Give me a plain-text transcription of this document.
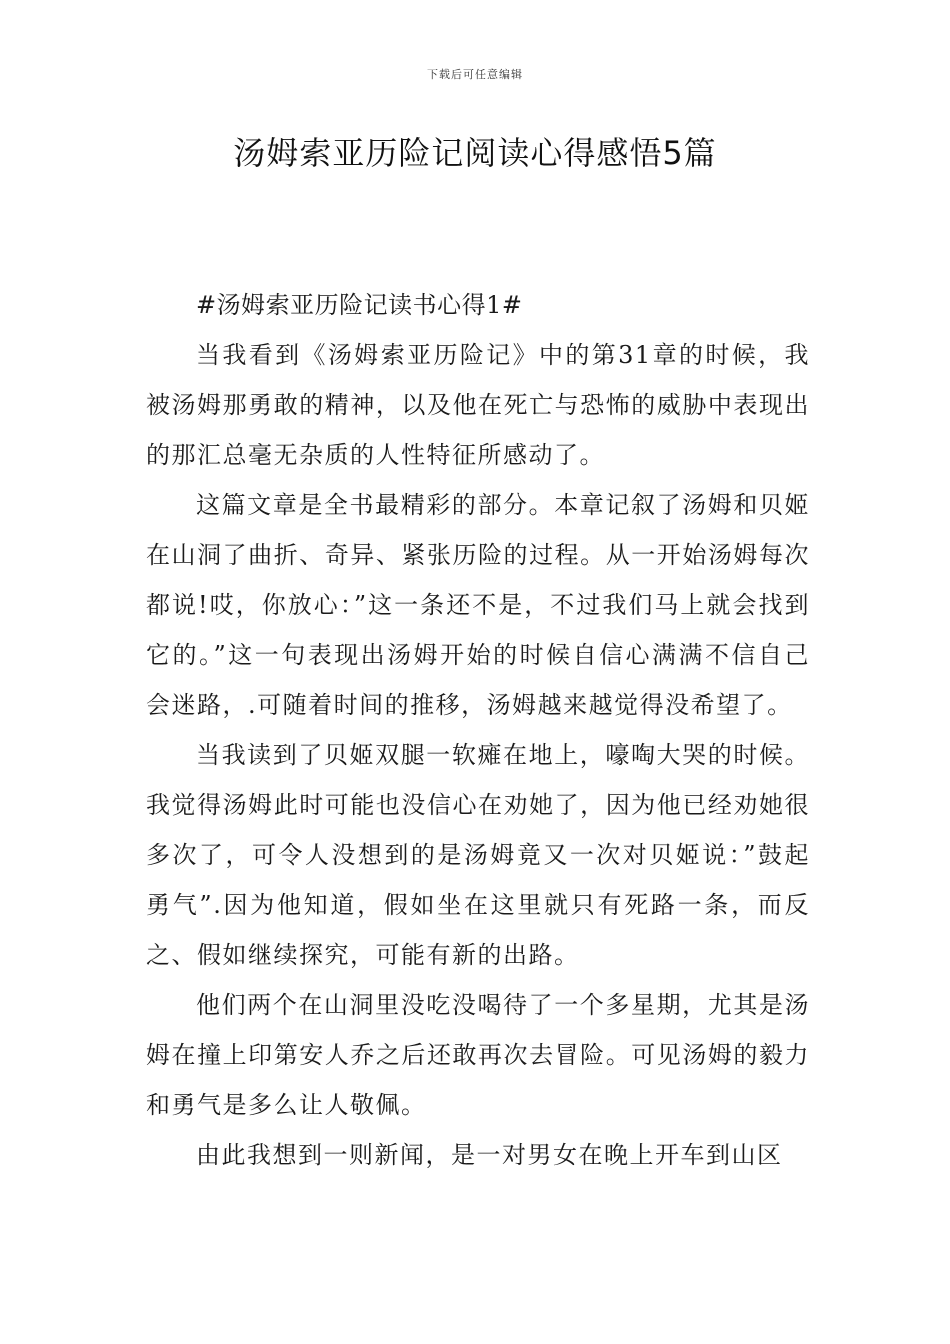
下载后可任意编辑
汤姆索亚历险记阅读心得感悟5篇

#汤姆索亚历险记读书心得1#

当我看到《汤姆索亚历险记》中的第31章的时候，我被汤姆那勇敢的精神，以及他在死亡与恐怖的威胁中表现出的那汇总毫无杂质的人性特征所感动了。

这篇文章是全书最精彩的部分。本章记叙了汤姆和贝姬在山洞了曲折、奇异、紧张历险的过程。从一开始汤姆每次都说!哎，你放心：”这一条还不是，不过我们马上就会找到它的。”这一句表现出汤姆开始的时候自信心满满不信自己会迷路，.可随着时间的推移，汤姆越来越觉得没希望了。

当我读到了贝姬双腿一软瘫在地上，嚎啕大哭的时候。我觉得汤姆此时可能也没信心在劝她了，因为他已经劝她很多次了，可令人没想到的是汤姆竟又一次对贝姬说：”鼓起勇气”.因为他知道，假如坐在这里就只有死路一条，而反之、假如继续探究，可能有新的出路。

他们两个在山洞里没吃没喝待了一个多星期，尤其是汤姆在撞上印第安人乔之后还敢再次去冒险。可见汤姆的毅力和勇气是多么让人敬佩。

由此我想到一则新闻，是一对男女在晚上开车到山区
